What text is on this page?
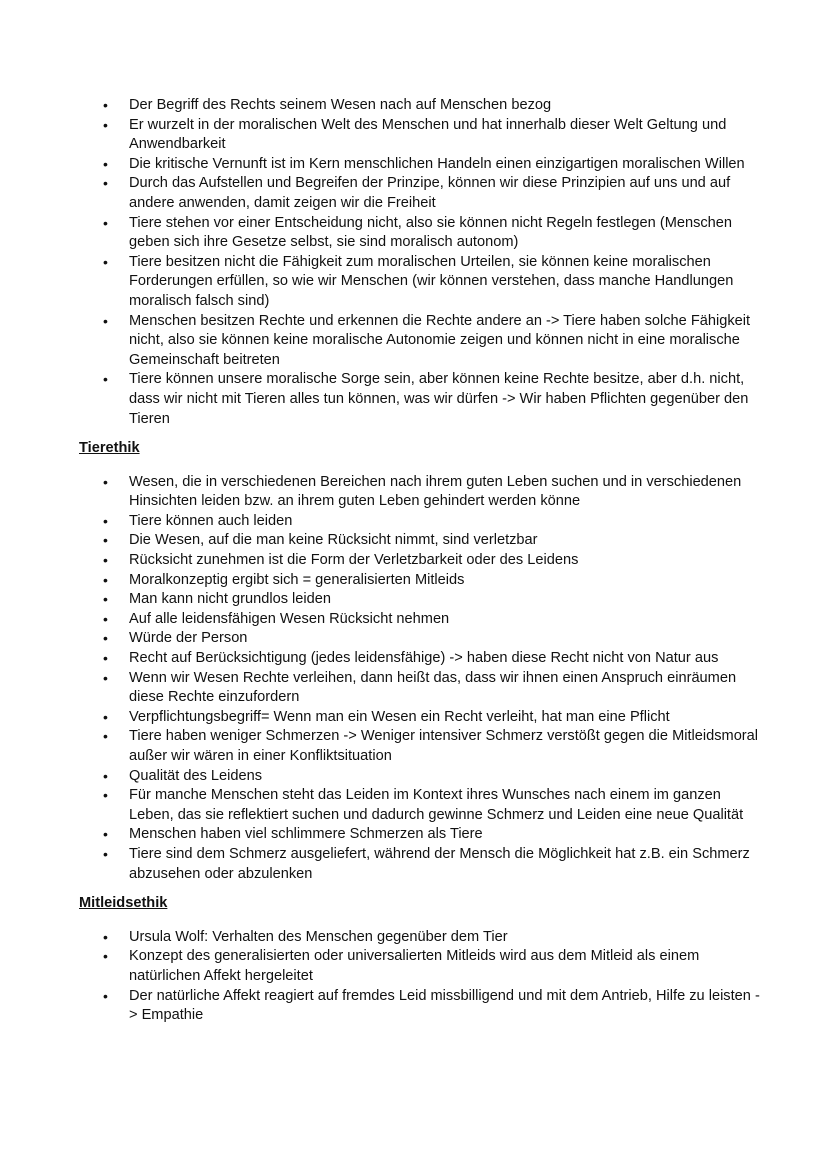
• Der Begriff des Rechts seinem Wesen nach auf Menschen bezog
• Er wurzelt in der moralischen Welt des Menschen und hat innerhalb dieser Welt Geltung und Anwendbarkeit
• Die kritische Vernunft ist im Kern menschlichen Handeln einen einzigartigen moralischen Willen
• Durch das Aufstellen und Begreifen der Prinzipe, können wir diese Prinzipien auf uns und auf andere anwenden, damit zeigen wir die Freiheit
• Tiere stehen vor einer Entscheidung nicht, also sie können nicht Regeln festlegen (Menschen geben sich ihre Gesetze selbst, sie sind moralisch autonom)
• Tiere besitzen nicht die Fähigkeit zum moralischen Urteilen, sie können keine moralischen Forderungen erfüllen, so wie wir Menschen (wir können verstehen, dass manche Handlungen moralisch falsch sind)
• Menschen besitzen Rechte und erkennen die Rechte andere an -> Tiere haben solche Fähigkeit nicht, also sie können keine moralische Autonomie zeigen und können nicht in eine moralische Gemeinschaft beitreten
• Tiere können unsere moralische Sorge sein, aber können keine Rechte besitze, aber d.h. nicht, dass wir nicht mit Tieren alles tun können, was wir dürfen -> Wir haben Pflichten gegenüber den Tieren
Tierethik
• Wesen, die in verschiedenen Bereichen nach ihrem guten Leben suchen und in verschiedenen Hinsichten leiden bzw. an ihrem guten Leben gehindert werden könne
• Tiere können auch leiden
• Die Wesen, auf die man keine Rücksicht nimmt, sind verletzbar
• Rücksicht zunehmen ist die Form der Verletzbarkeit oder des Leidens
• Moralkonzeptig ergibt sich = generalisierten Mitleids
• Man kann nicht grundlos leiden
• Auf alle leidensfähigen Wesen Rücksicht nehmen
• Würde der Person
• Recht auf Berücksichtigung (jedes leidensfähige) -> haben diese Recht nicht von Natur aus
• Wenn wir Wesen Rechte verleihen, dann heißt das, dass wir ihnen einen Anspruch einräumen diese Rechte einzufordern
• Verpflichtungsbegriff= Wenn man ein Wesen ein Recht verleiht, hat man eine Pflicht
• Tiere haben weniger Schmerzen -> Weniger intensiver Schmerz verstößt gegen die Mitleidsmoral außer wir wären in einer Konfliktsituation
• Qualität des Leidens
• Für manche Menschen steht das Leiden im Kontext ihres Wunsches nach einem im ganzen Leben, das sie reflektiert suchen und dadurch gewinne Schmerz und Leiden eine neue Qualität
• Menschen haben viel schlimmere Schmerzen als Tiere
• Tiere sind dem Schmerz ausgeliefert, während der Mensch die Möglichkeit hat z.B. ein Schmerz abzusehen oder abzulenken
Mitleidsethik
• Ursula Wolf: Verhalten des Menschen gegenüber dem Tier
• Konzept des generalisierten oder universalierten Mitleids wird aus dem Mitleid als einem natürlichen Affekt hergeleitet
• Der natürliche Affekt reagiert auf fremdes Leid missbilligend und mit dem Antrieb, Hilfe zu leisten -> Empathie
